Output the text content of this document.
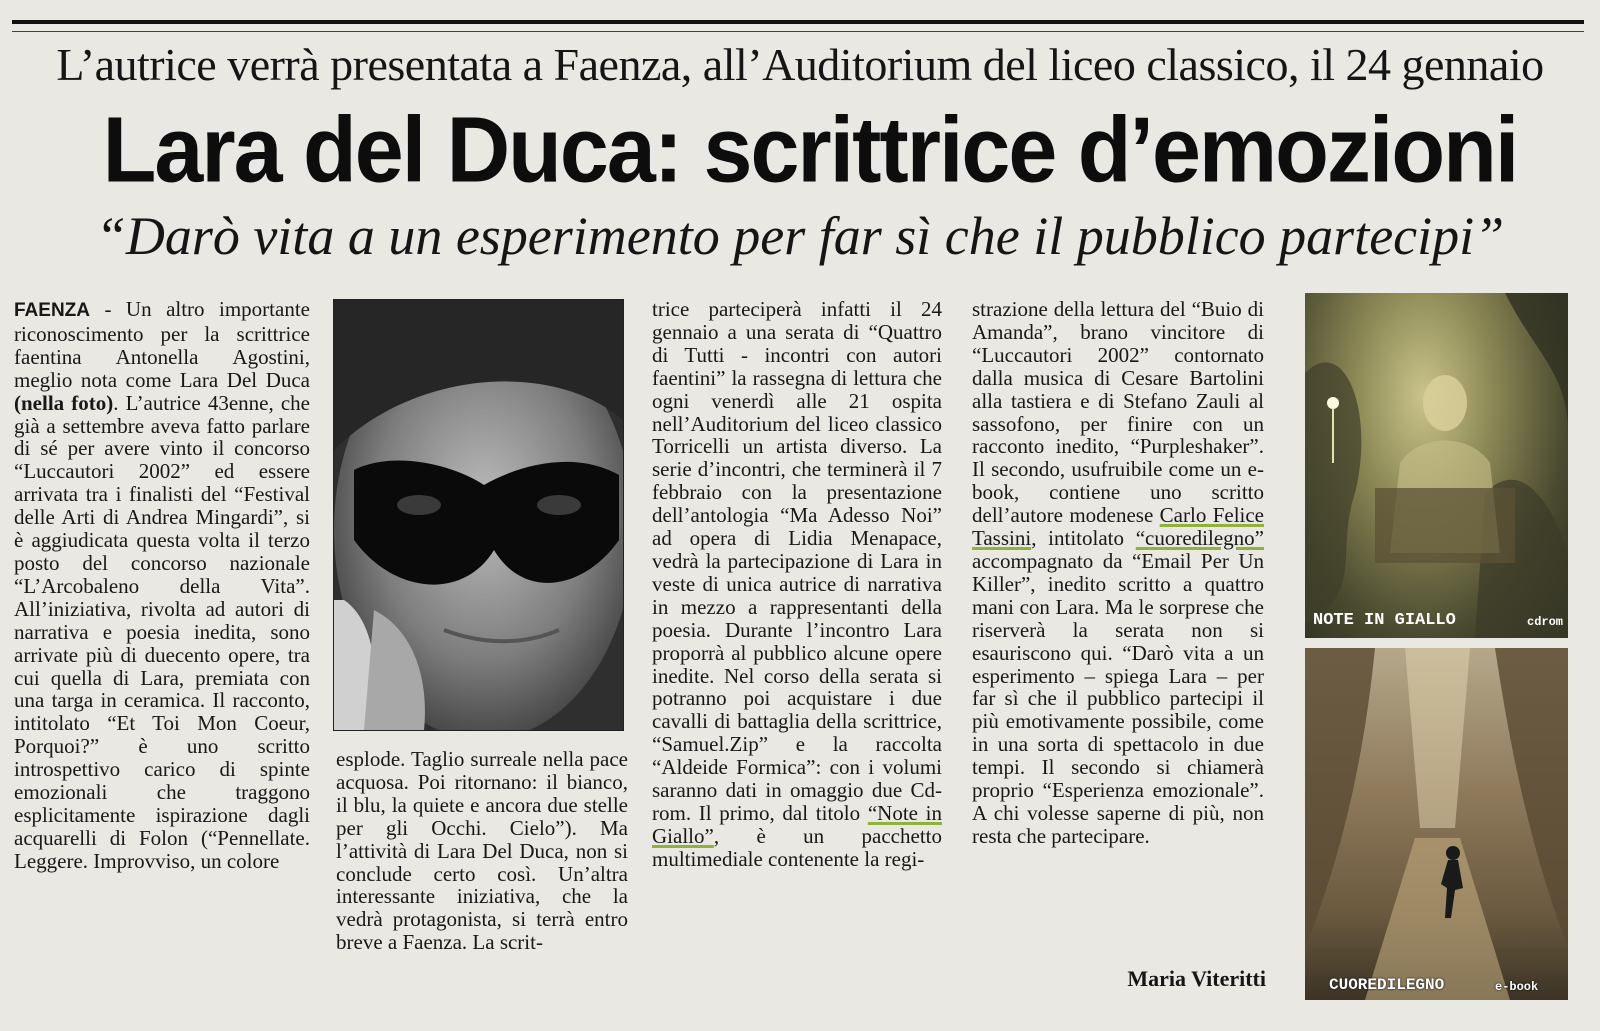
L’autrice verrà presentata a Faenza, all’Auditorium del liceo classico, il 24 gennaio
Lara del Duca: scrittrice d’emozioni
“Darò vita a un esperimento per far sì che il pubblico partecipi”

FAENZA - Un altro importante riconoscimento per la scrittrice faentina Antonella Agostini, meglio nota come Lara Del Duca (nella foto). L’autrice 43enne, che già a settembre aveva fatto parlare di sé per avere vinto il concorso “Luccautori 2002” ed essere arrivata tra i finalisti del “Festival delle Arti di Andrea Mingardi”, si è aggiudicata questa volta il terzo posto del concorso nazionale “L’Arcobaleno della Vita”. All’iniziativa, rivolta ad autori di narrativa e poesia inedita, sono arrivate più di duecento opere, tra cui quella di Lara, premiata con una targa in ceramica. Il racconto, intitolato “Et Toi Mon Coeur, Porquoi?” è uno scritto introspettivo carico di spinte emozionali che traggono esplicitamente ispirazione dagli acquarelli di Folon (“Pennellate. Leggere. Improvviso, un colore

esplode. Taglio surreale nella pace acquosa. Poi ritornano: il bianco, il blu, la quiete e ancora due stelle per gli Occhi. Cielo”). Ma l’attività di Lara Del Duca, non si conclude certo così. Un’altra interessante iniziativa, che la vedrà protagonista, si terrà entro breve a Faenza. La scrit-

trice parteciperà infatti il 24 gennaio a una serata di “Quattro di Tutti - incontri con autori faentini” la rassegna di lettura che ogni venerdì alle 21 ospita nell’Auditorium del liceo classico Torricelli un artista diverso. La serie d’incontri, che terminerà il 7 febbraio con la presentazione dell’antologia “Ma Adesso Noi” ad opera di Lidia Menapace, vedrà la partecipazione di Lara in veste di unica autrice di narrativa in mezzo a rappresentanti della poesia. Durante l’incontro Lara proporrà al pubblico alcune opere inedite. Nel corso della serata si potranno poi acquistare i due cavalli di battaglia della scrittrice, “Samuel.Zip” e la raccolta “Aldeide Formica”: con i volumi saranno dati in omaggio due Cd- rom. Il primo, dal titolo “Note in Giallo”, è un pacchetto multimediale contenente la regi-

strazione della lettura del “Buio di Amanda”, brano vincitore di “Luccautori 2002” contornato dalla musica di Cesare Bartolini alla tastiera e di Stefano Zauli al sassofono, per finire con un racconto inedito, “Purpleshaker”. Il secondo, usufruibile come un e-book, contiene uno scritto dell’autore modenese Carlo Felice Tassini, intitolato “cuoredilegno” accompagnato da “Email Per Un Killer”, inedito scritto a quattro mani con Lara. Ma le sorprese che riserverà la serata non si esauriscono qui. “Darò vita a un esperimento – spiega Lara – per far sì che il pubblico partecipi il più emotivamente possibile, come in una sorta di spettacolo in due tempi. Il secondo si chiamerà proprio “Esperienza emozionale”. A chi volesse saperne di più, non resta che partecipare.

Maria Viteritti
NOTE IN GIALLO	cdrom
CUOREDILEGNO	e-book
